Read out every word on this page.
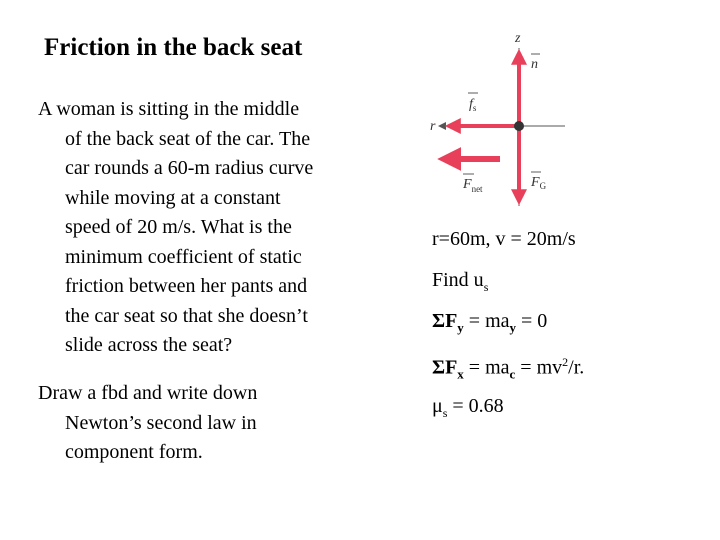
Friction in the back seat

A woman is sitting in the middle
of the back seat of the car. The
car rounds a 60-m radius curve
while moving at a constant
speed of 20 m/s. What is the
minimum coefficient of static
friction between her pants and
the car seat so that she doesn’t
slide across the seat?

Draw a fbd and write down
Newton’s second law in
component form.

z
r
n
$f_s$
$F_{net}$	$F_G$
r=60m, v = 20m/s
Find $u_s$
$\Sigma F_y = ma_y = 0$
$\Sigma F_x = ma_c = mv^2/r$.
$\mu_s = 0.68$
